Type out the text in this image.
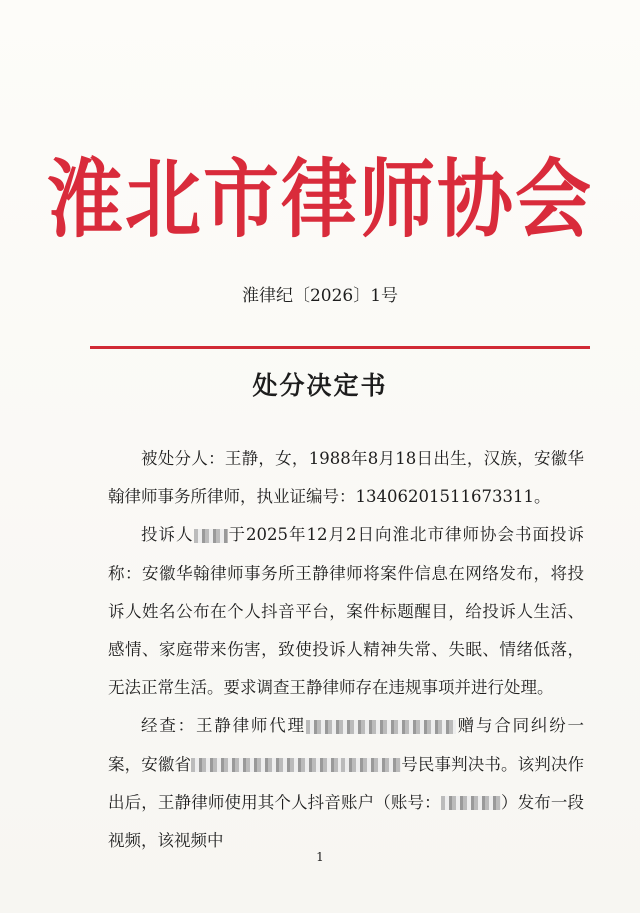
淮北市律师协会
淮律纪〔2026〕1号
处分决定书

被处分人：王静，女，1988年8月18日出生，汉族，安徽华翰律师事务所律师，执业证编号：13406201511673311。

投诉人 于2025年12月2日向淮北市律师协会书面投诉称：安徽华翰律师事务所王静律师将案件信息在网络发布，将投诉人姓名公布在个人抖音平台，案件标题醒目，给投诉人生活、感情、家庭带来伤害，致使投诉人精神失常、失眠、情绪低落，无法正常生活。要求调查王静律师存在违规事项并进行处理。

经查：王静律师代理	赠与合同纠纷一案，安徽省	号民事判决书。该判决作出后，王静律师使用其个人抖音账户（账号：	）发布一段视频，该视频中

1
